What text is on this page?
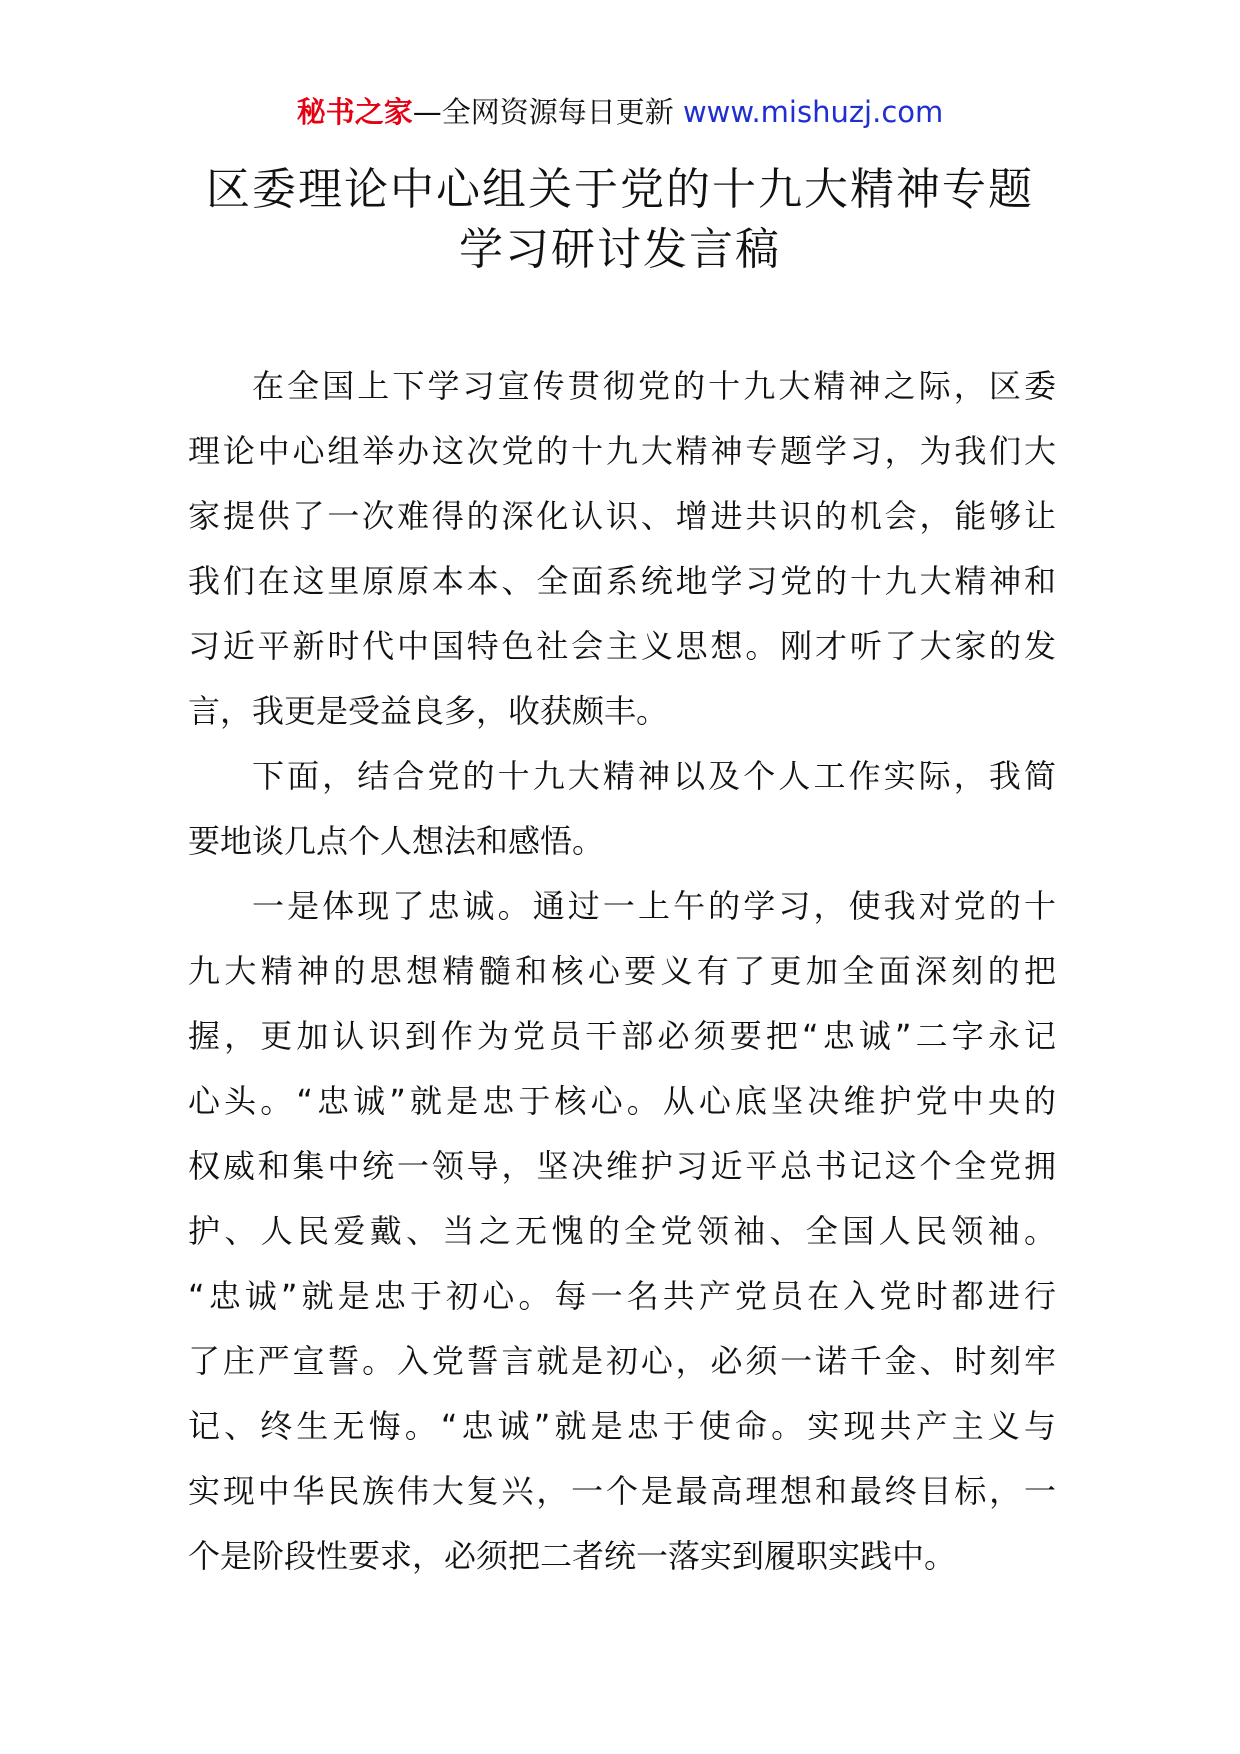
秘书之家—全网资源每日更新 www.mishuzj.com
区委理论中心组关于党的十九大精神专题
学习研讨发言稿
在全国上下学习宣传贯彻党的十九大精神之际，区委
理论中心组举办这次党的十九大精神专题学习，为我们大
家提供了一次难得的深化认识、增进共识的机会，能够让
我们在这里原原本本、全面系统地学习党的十九大精神和
习近平新时代中国特色社会主义思想。刚才听了大家的发
言，我更是受益良多，收获颇丰。
下面，结合党的十九大精神以及个人工作实际，我简
要地谈几点个人想法和感悟。
一是体现了忠诚。通过一上午的学习，使我对党的十
九大精神的思想精髓和核心要义有了更加全面深刻的把
握，更加认识到作为党员干部必须要把“忠诚”二字永记
心头。“忠诚”就是忠于核心。从心底坚决维护党中央的
权威和集中统一领导，坚决维护习近平总书记这个全党拥
护、人民爱戴、当之无愧的全党领袖、全国人民领袖。
“忠诚”就是忠于初心。每一名共产党员在入党时都进行
了庄严宣誓。入党誓言就是初心，必须一诺千金、时刻牢
记、终生无悔。“忠诚”就是忠于使命。实现共产主义与
实现中华民族伟大复兴，一个是最高理想和最终目标，一
个是阶段性要求，必须把二者统一落实到履职实践中。
